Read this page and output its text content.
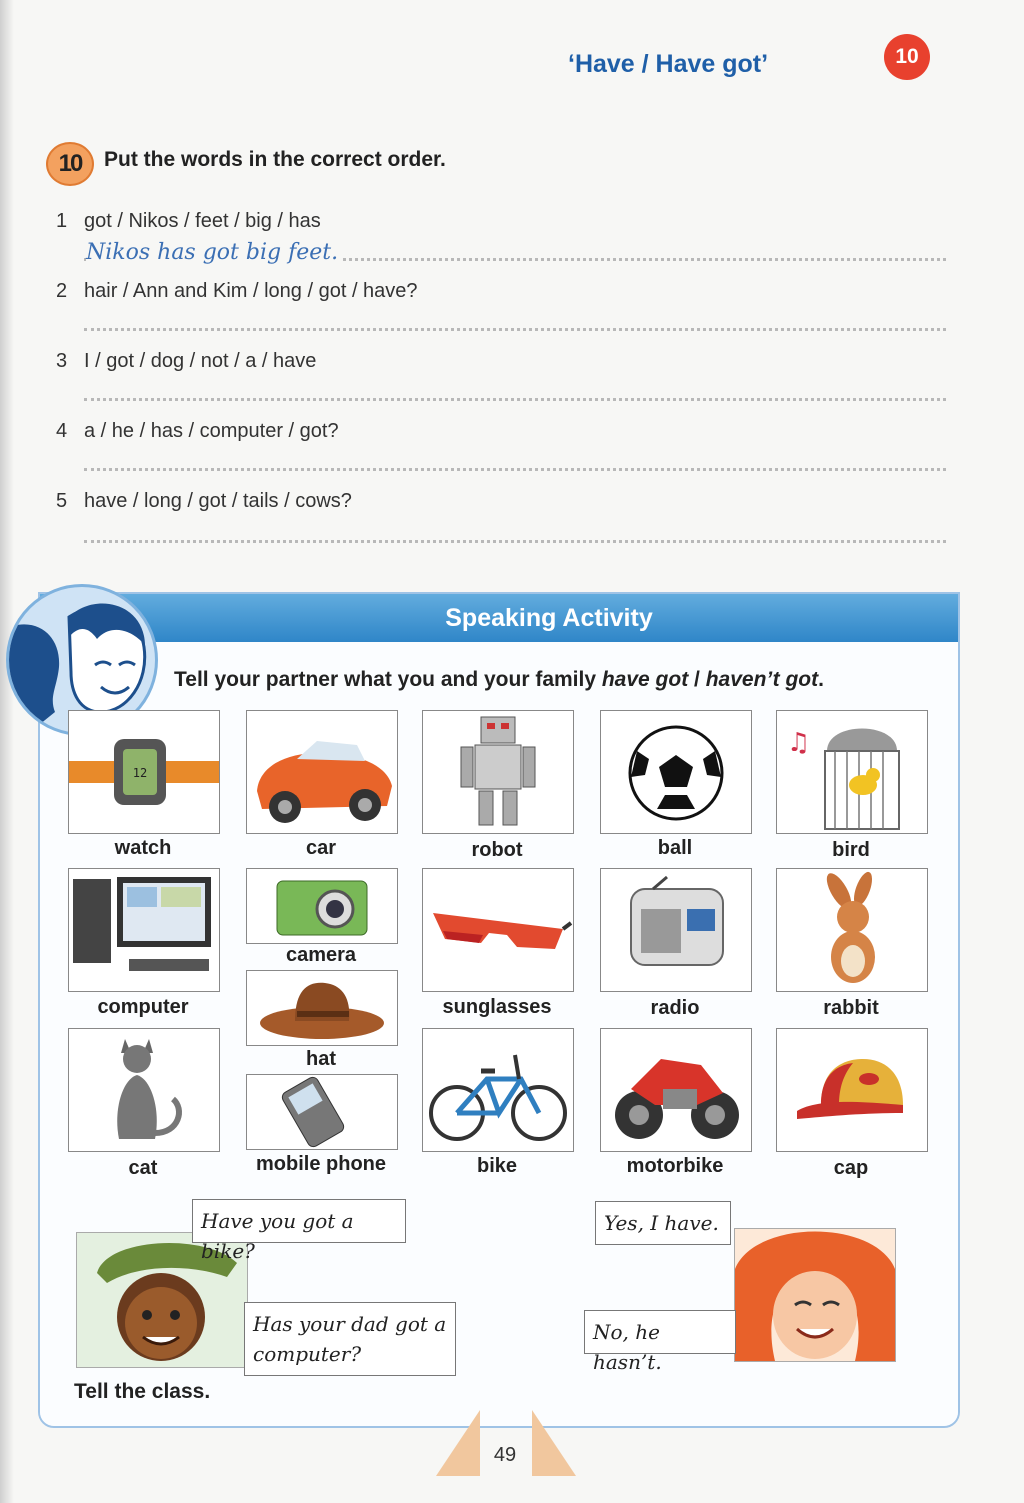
‘Have / Have got’	10
10	Put the words in the correct order.
1 got / Nikos / feet / big / has
Nikos has got big feet.
2 hair / Ann and Kim / long / got / have?
3 I / got / dog / not / a / have
4 a / he / has / computer / got?
5 have / long / got / tails / cows?
Speaking Activity
Tell your partner what you and your family have got / haven’t got.
12
watch	car	robot	ball
♫
bird
computer
camera
sunglasses	radio	rabbit
hat
mobile phone
cat	bike	motorbike	cap
Have you got a bike?
Has your dad got a computer?
Yes, I have.
No, he hasn’t.
Tell the class.
49
